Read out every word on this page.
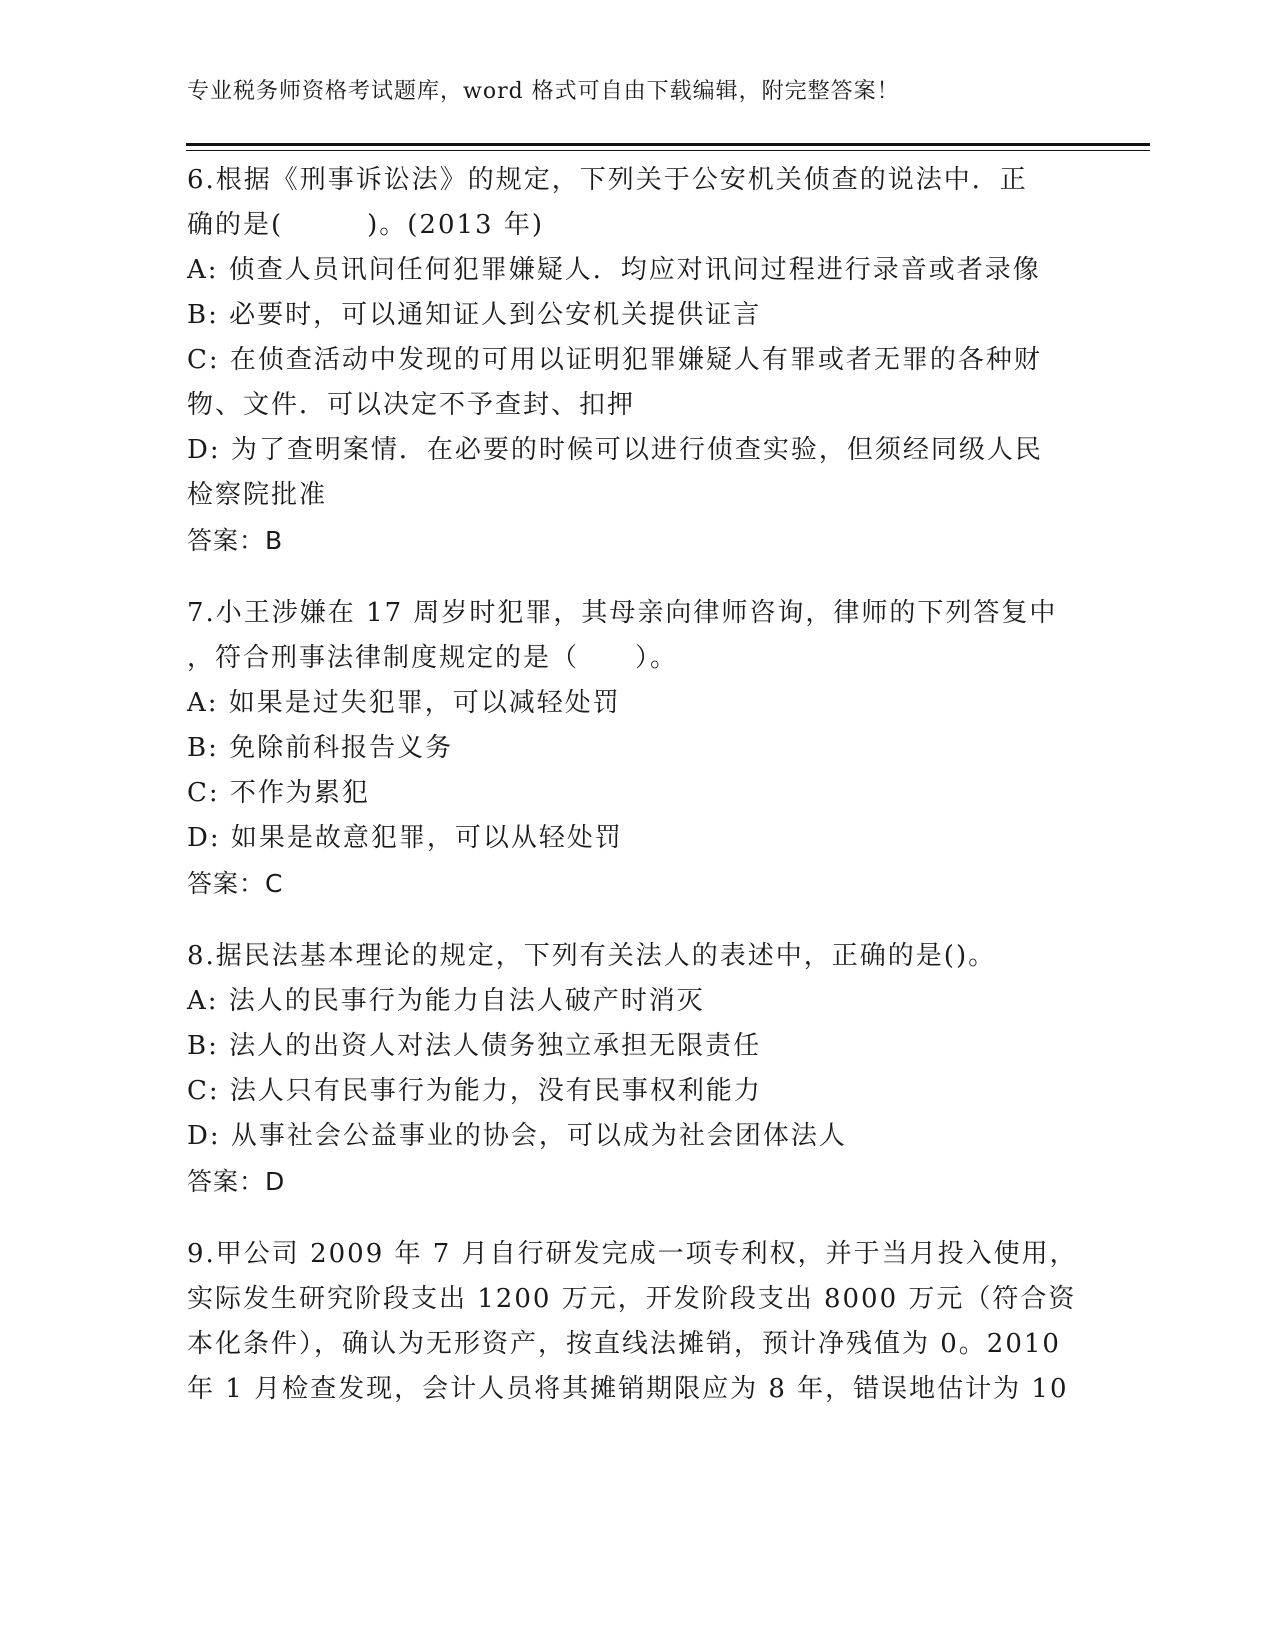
专业税务师资格考试题库，word 格式可自由下载编辑，附完整答案！
6.根据《刑事诉讼法》的规定，下列关于公安机关侦查的说法中．正
确的是(　　　)。(2013 年)
A: 侦查人员讯问任何犯罪嫌疑人．均应对讯问过程进行录音或者录像
B: 必要时，可以通知证人到公安机关提供证言
C: 在侦查活动中发现的可用以证明犯罪嫌疑人有罪或者无罪的各种财
物、文件．可以决定不予查封、扣押
D: 为了查明案情．在必要的时候可以进行侦查实验，但须经同级人民
检察院批准
答案：B
7.小王涉嫌在 17 周岁时犯罪，其母亲向律师咨询，律师的下列答复中
，符合刑事法律制度规定的是（　　）。
A: 如果是过失犯罪，可以减轻处罚
B: 免除前科报告义务
C: 不作为累犯
D: 如果是故意犯罪，可以从轻处罚
答案：C
8.据民法基本理论的规定，下列有关法人的表述中，正确的是()。
A: 法人的民事行为能力自法人破产时消灭
B: 法人的出资人对法人债务独立承担无限责任
C: 法人只有民事行为能力，没有民事权利能力
D: 从事社会公益事业的协会，可以成为社会团体法人
答案：D
9.甲公司 2009 年 7 月自行研发完成一项专利权，并于当月投入使用，
实际发生研究阶段支出 1200 万元，开发阶段支出 8000 万元（符合资
本化条件），确认为无形资产，按直线法摊销，预计净残值为 0。2010
年 1 月检查发现，会计人员将其摊销期限应为 8 年，错误地估计为 10
